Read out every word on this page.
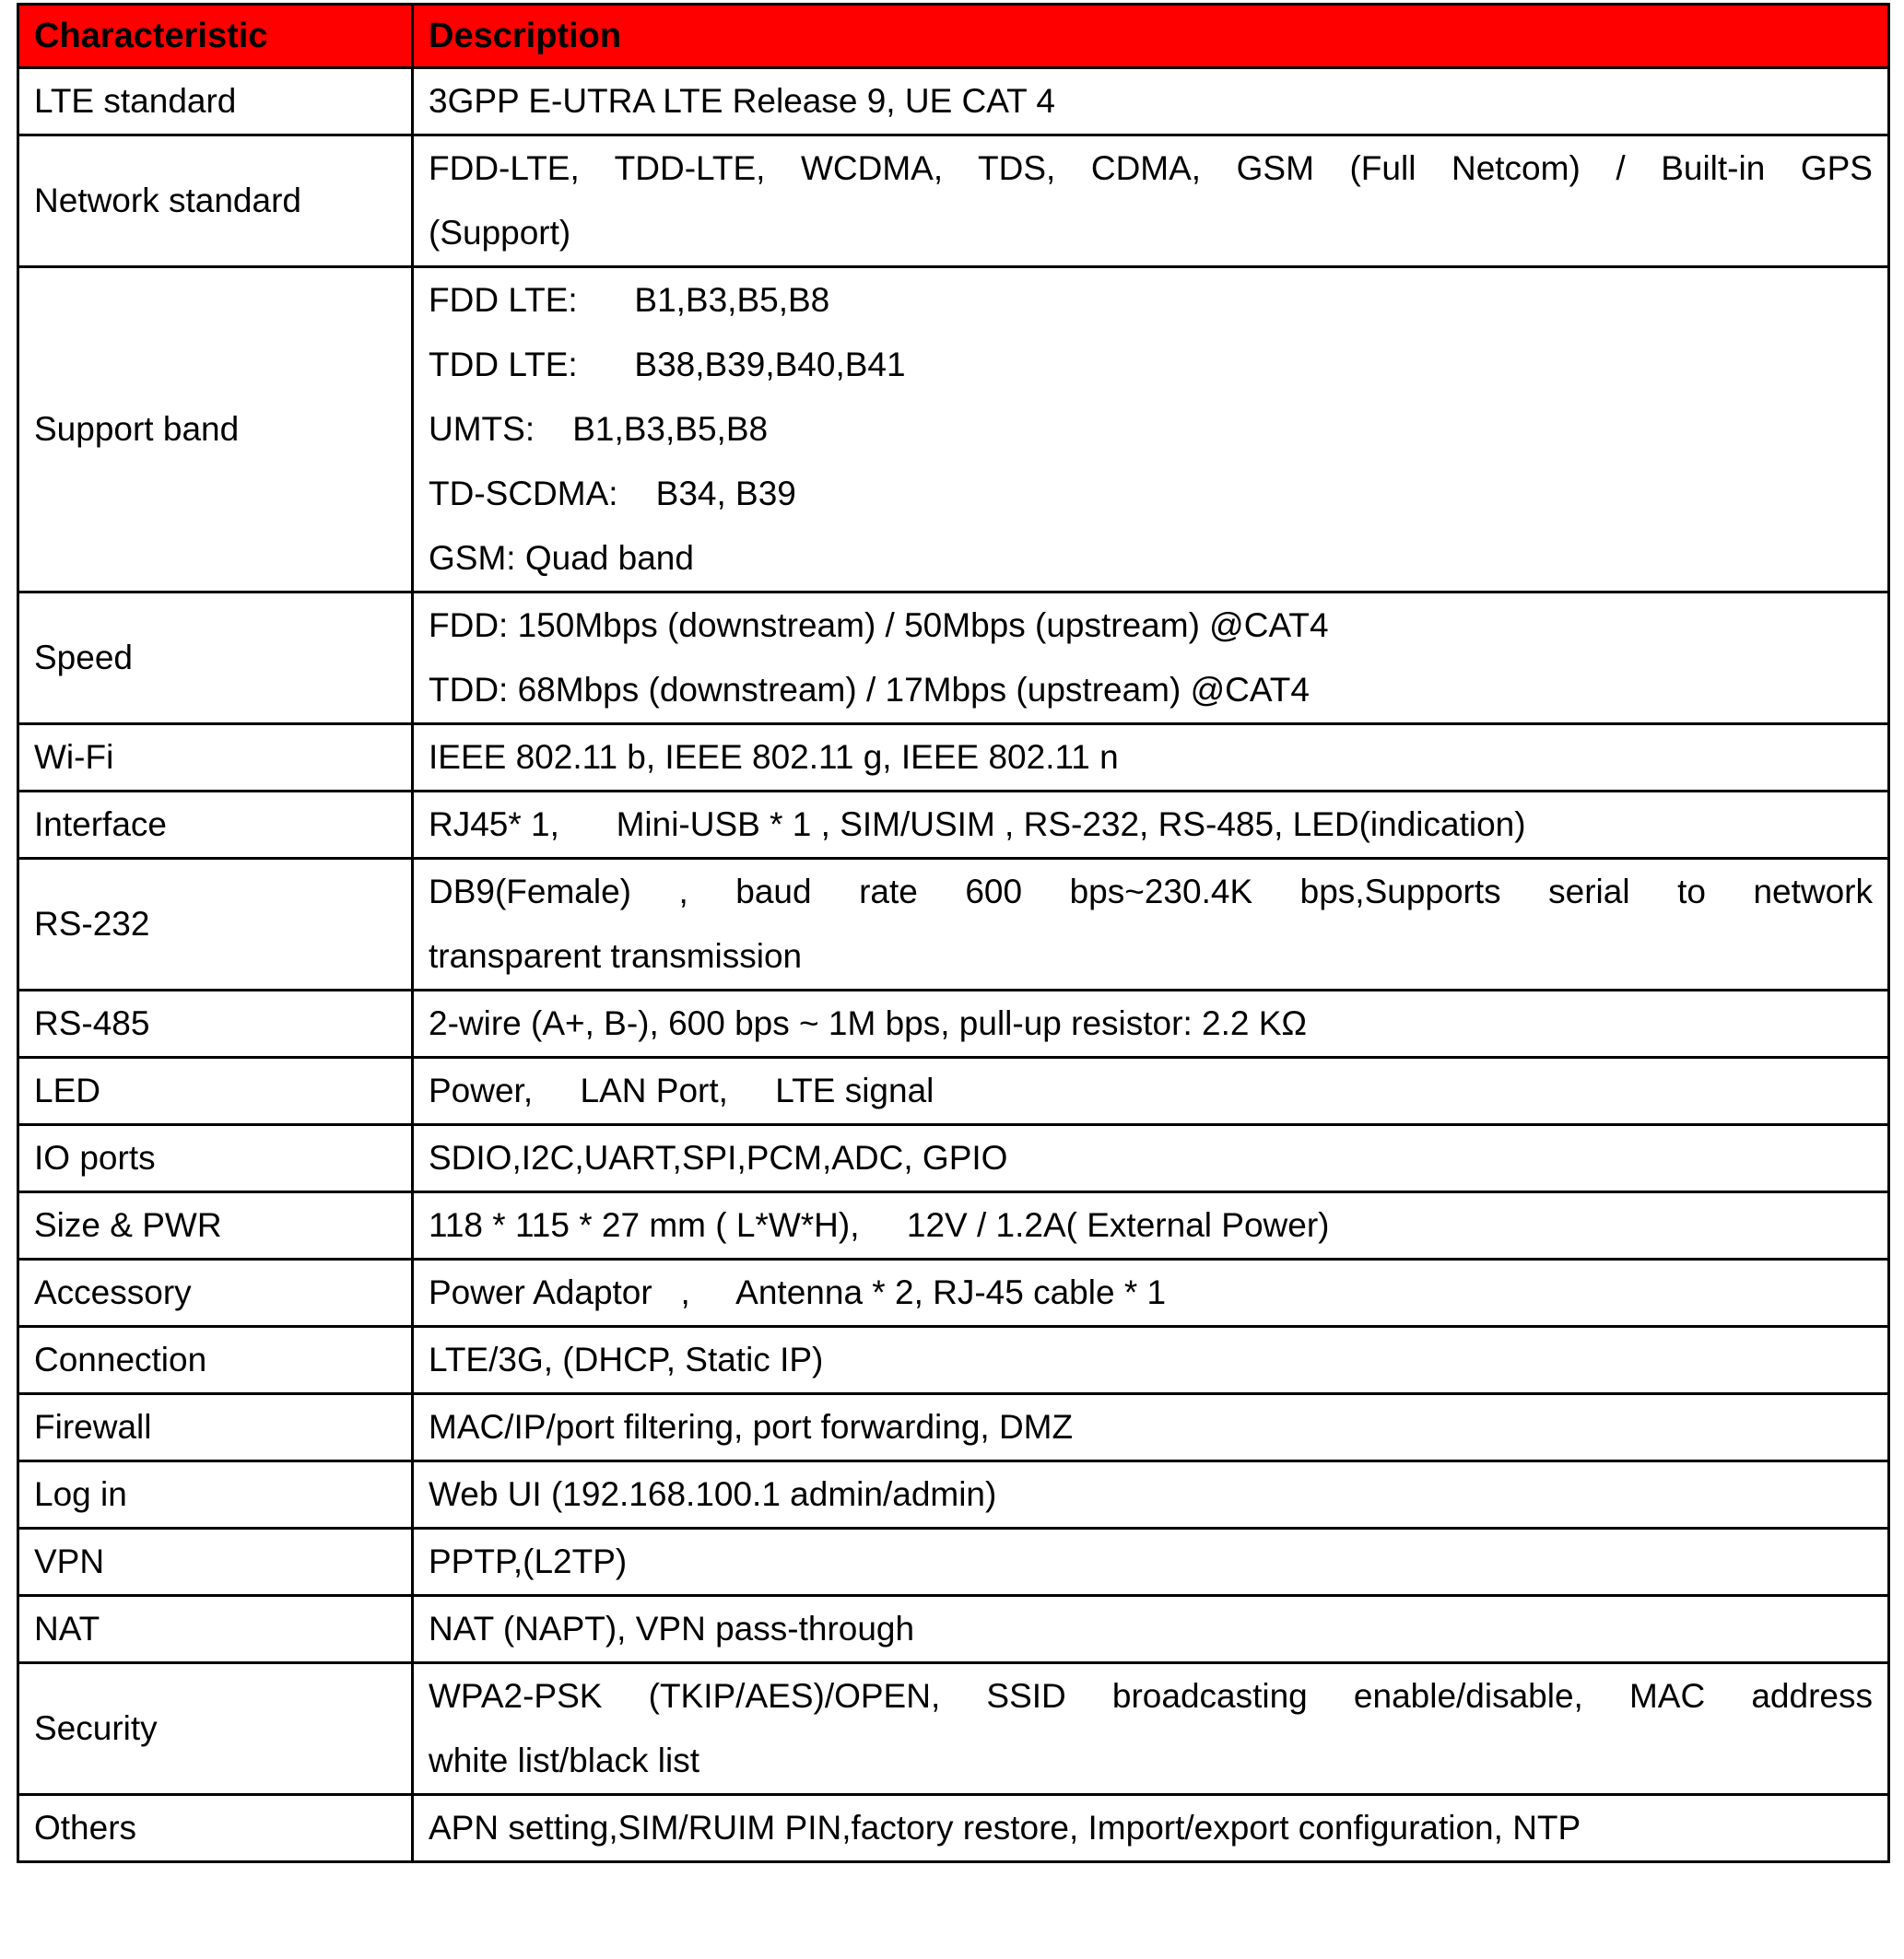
Characteristic	Description
LTE standard	3GPP E-UTRA LTE Release 9, UE CAT 4

Network standard	FDD-LTE, TDD-LTE, WCDMA, TDS, CDMA, GSM (Full Netcom) / Built-in GPS
(Support)

Support band	FDD LTE:      B1,B3,B5,B8
TDD LTE:      B38,B39,B40,B41
UMTS:    B1,B3,B5,B8
TD-SCDMA:    B34, B39
GSM: Quad band

Speed	FDD: 150Mbps (downstream) / 50Mbps (upstream) @CAT4
TDD: 68Mbps (downstream) / 17Mbps (upstream) @CAT4

Wi-Fi	IEEE 802.11 b, IEEE 802.11 g, IEEE 802.11 n

Interface	RJ45* 1,      Mini-USB * 1 , SIM/USIM , RS-232, RS-485, LED(indication)

RS-232	DB9(Female) , baud rate 600 bps~230.4K bps,Supports serial to network
transparent transmission

RS-485	2-wire (A+, B-), 600 bps ~ 1M bps, pull-up resistor: 2.2 KΩ

LED	Power,     LAN Port,     LTE signal

IO ports	SDIO,I2C,UART,SPI,PCM,ADC, GPIO

Size & PWR	118 * 115 * 27 mm ( L*W*H),     12V / 1.2A( External Power)

Accessory	Power Adaptor   ,     Antenna * 2, RJ-45 cable * 1

Connection	LTE/3G, (DHCP, Static IP)

Firewall	MAC/IP/port filtering, port forwarding, DMZ

Log in	Web UI (192.168.100.1 admin/admin)

VPN	PPTP,(L2TP)

NAT	NAT (NAPT), VPN pass-through

Security	WPA2-PSK (TKIP/AES)/OPEN, SSID broadcasting enable/disable, MAC address
white list/black list

Others	APN setting,SIM/RUIM PIN,factory restore, Import/export configuration, NTP
